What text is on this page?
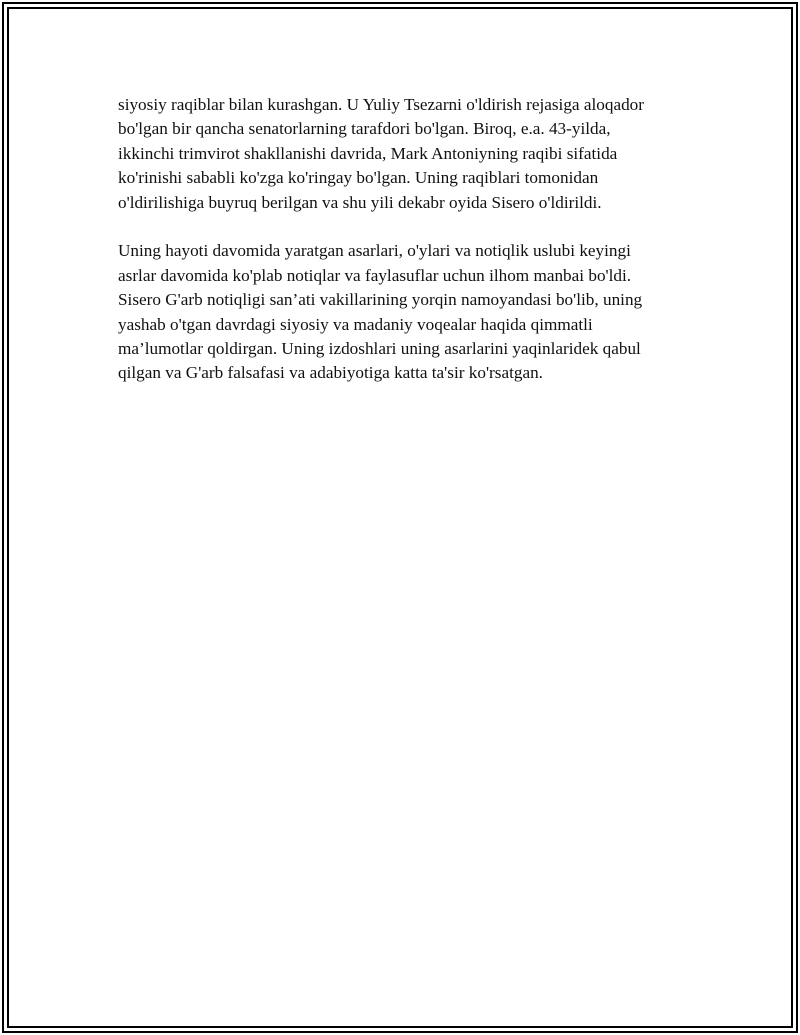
siyosiy raqiblar bilan kurashgan. U Yuliy Tsezarni o'ldirish rejasiga aloqador
bo'lgan bir qancha senatorlarning tarafdori bo'lgan. Biroq, e.a. 43-yilda,
ikkinchi trimvirot shakllanishi davrida, Mark Antoniyning raqibi sifatida
ko'rinishi sababli ko'zga ko'ringay bo'lgan. Uning raqiblari tomonidan
o'ldirilishiga buyruq berilgan va shu yili dekabr oyida Sisero o'ldirildi.

Uning hayoti davomida yaratgan asarlari, o'ylari va notiqlik uslubi keyingi
asrlar davomida ko'plab notiqlar va faylasuflar uchun ilhom manbai bo'ldi.
Sisero G'arb notiqligi san’ati vakillarining yorqin namoyandasi bo'lib, uning
yashab o'tgan davrdagi siyosiy va madaniy voqealar haqida qimmatli
ma’lumotlar qoldirgan. Uning izdoshlari uning asarlarini yaqinlaridek qabul
qilgan va G'arb falsafasi va adabiyotiga katta ta'sir ko'rsatgan.
